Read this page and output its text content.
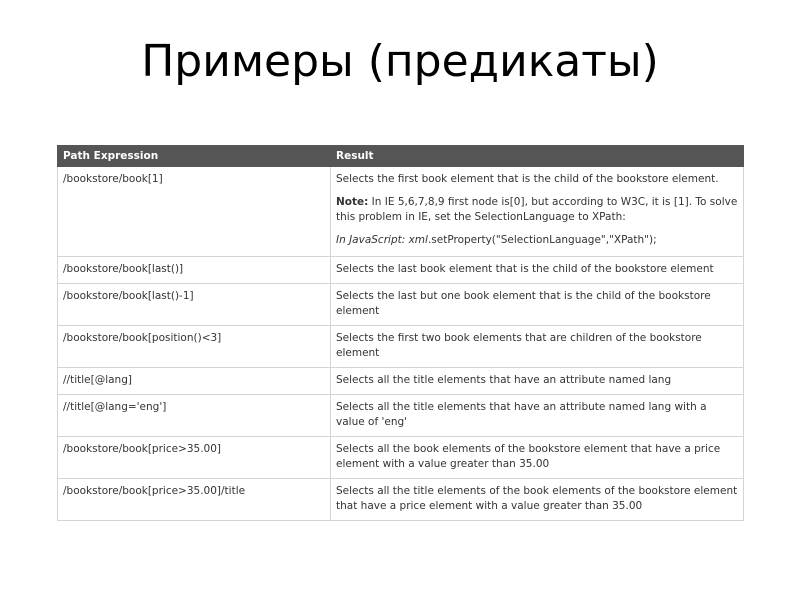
Примеры (предикаты)
Path Expression	Result
/bookstore/book[1]	Selects the first book element that is the child of the bookstore element.

Note: In IE 5,6,7,8,9 first node is[0], but according to W3C, it is [1]. To solve this problem in IE, set the SelectionLanguage to XPath:

In JavaScript: xml.setProperty("SelectionLanguage","XPath");

/bookstore/book[last()]	Selects the last book element that is the child of the bookstore element
/bookstore/book[last()-1]	Selects the last but one book element that is the child of the bookstore element
/bookstore/book[position()<3]	Selects the first two book elements that are children of the bookstore element
//title[@lang]	Selects all the title elements that have an attribute named lang
//title[@lang='eng']	Selects all the title elements that have an attribute named lang with a value of 'eng'
/bookstore/book[price>35.00]	Selects all the book elements of the bookstore element that have a price element with a value greater than 35.00
/bookstore/book[price>35.00]/title	Selects all the title elements of the book elements of the bookstore element that have a price element with a value greater than 35.00
